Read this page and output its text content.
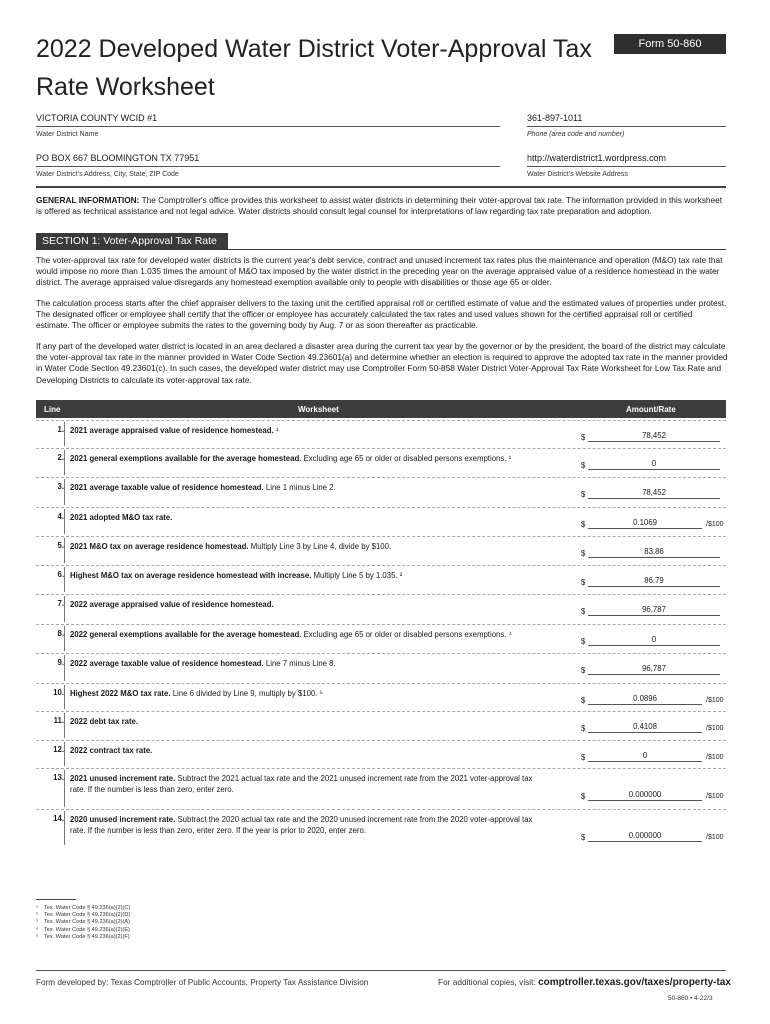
2022 Developed Water District Voter-Approval Tax Rate Worksheet
Form 50-860
VICTORIA COUNTY WCID #1
Water District Name
361-897-1011
Phone (area code and number)
PO BOX 667 BLOOMINGTON TX 77951
Water District's Address, City, State, ZIP Code
http://waterdistrict1.wordpress.com
Water District's Website Address
GENERAL INFORMATION: The Comptroller's office provides this worksheet to assist water districts in determining their voter-approval tax rate. The information provided in this worksheet is offered as technical assistance and not legal advice. Water districts should consult legal counsel for interpretations of law regarding tax rate preparation and adoption.
SECTION 1: Voter-Approval Tax Rate
The voter-approval tax rate for developed water districts is the current year's debt service, contract and unused increment tax rates plus the maintenance and operation (M&O) tax rate that would impose no more than 1.035 times the amount of M&O tax imposed by the water district in the preceding year on the average appraised value of a residence homestead in the water district. The average appraised value disregards any homestead exemption available only to people with disabilities or those age 65 or older.
The calculation process starts after the chief appraiser delivers to the taxing unit the certified appraisal roll or certified estimate of value and the estimated values of properties under protest. The designated officer or employee shall certify that the officer or employee has accurately calculated the tax rates and used values shown for the certified appraisal roll or certified estimate. The officer or employee submits the rates to the governing body by Aug. 7 or as soon thereafter as practicable.
If any part of the developed water district is located in an area declared a disaster area during the current tax year by the governor or by the president, the board of the district may calculate the voter-approval tax rate in the manner provided in Water Code Section 49.23601(a) and determine whether an election is required to approve the adopted tax rate in the manner provided in Water Code Section 49.23601(c). In such cases, the developed water district may use Comptroller Form 50-858 Water District Voter-Approval Tax Rate Worksheet for Low Tax Rate and Developing Districts to calculate its voter-approval tax rate.
Line	Worksheet	Amount/Rate
1. 2021 average appraised value of residence homestead. ¹
$	78,452
2. 2021 general exemptions available for the average homestead. Excluding age 65 or older or disabled persons exemptions. ¹
$	0
3. 2021 average taxable value of residence homestead. Line 1 minus Line 2.
$	78,452
4. 2021 adopted M&O tax rate.
$	0.1069	/$100
5. 2021 M&O tax on average residence homestead. Multiply Line 3 by Line 4, divide by $100.
$	83.86
6. Highest M&O tax on average residence homestead with increase. Multiply Line 5 by 1.035. ²
$	86.79
7. 2022 average appraised value of residence homestead.
$	96,787
8. 2022 general exemptions available for the average homestead. Excluding age 65 or older or disabled persons exemptions. ⁴
$	0
9. 2022 average taxable value of residence homestead. Line 7 minus Line 8.
$	96,787
10. Highest 2022 M&O tax rate. Line 6 divided by Line 9, multiply by $100. ⁵
$	0.0896	/$100
11. 2022 debt tax rate.
$	0.4108	/$100
12. 2022 contract tax rate.
$	0	/$100
13. 2021 unused increment rate. Subtract the 2021 actual tax rate and the 2021 unused increment rate from the 2021 voter-approval tax rate. If the number is less than zero, enter zero.
$	0.000000	/$100
14. 2020 unused increment rate. Subtract the 2020 actual tax rate and the 2020 unused increment rate from the 2020 voter-approval tax rate. If the number is less than zero, enter zero. If the year is prior to 2020, enter zero.
$	0.000000	/$100
¹ Tex. Water Code § 49.236(a)(2)(C)
² Tex. Water Code § 49.236(a)(2)(D)
³ Tex. Water Code § 49.236(a)(2)(A)
⁴ Tex. Water Code § 49.236(a)(2)(E)
⁵ Tex. Water Code § 49.236(a)(2)(F)
Form developed by: Texas Comptroller of Public Accounts, Property Tax Assistance Division	For additional copies, visit: comptroller.texas.gov/taxes/property-tax
50-860 • 4-22/3
